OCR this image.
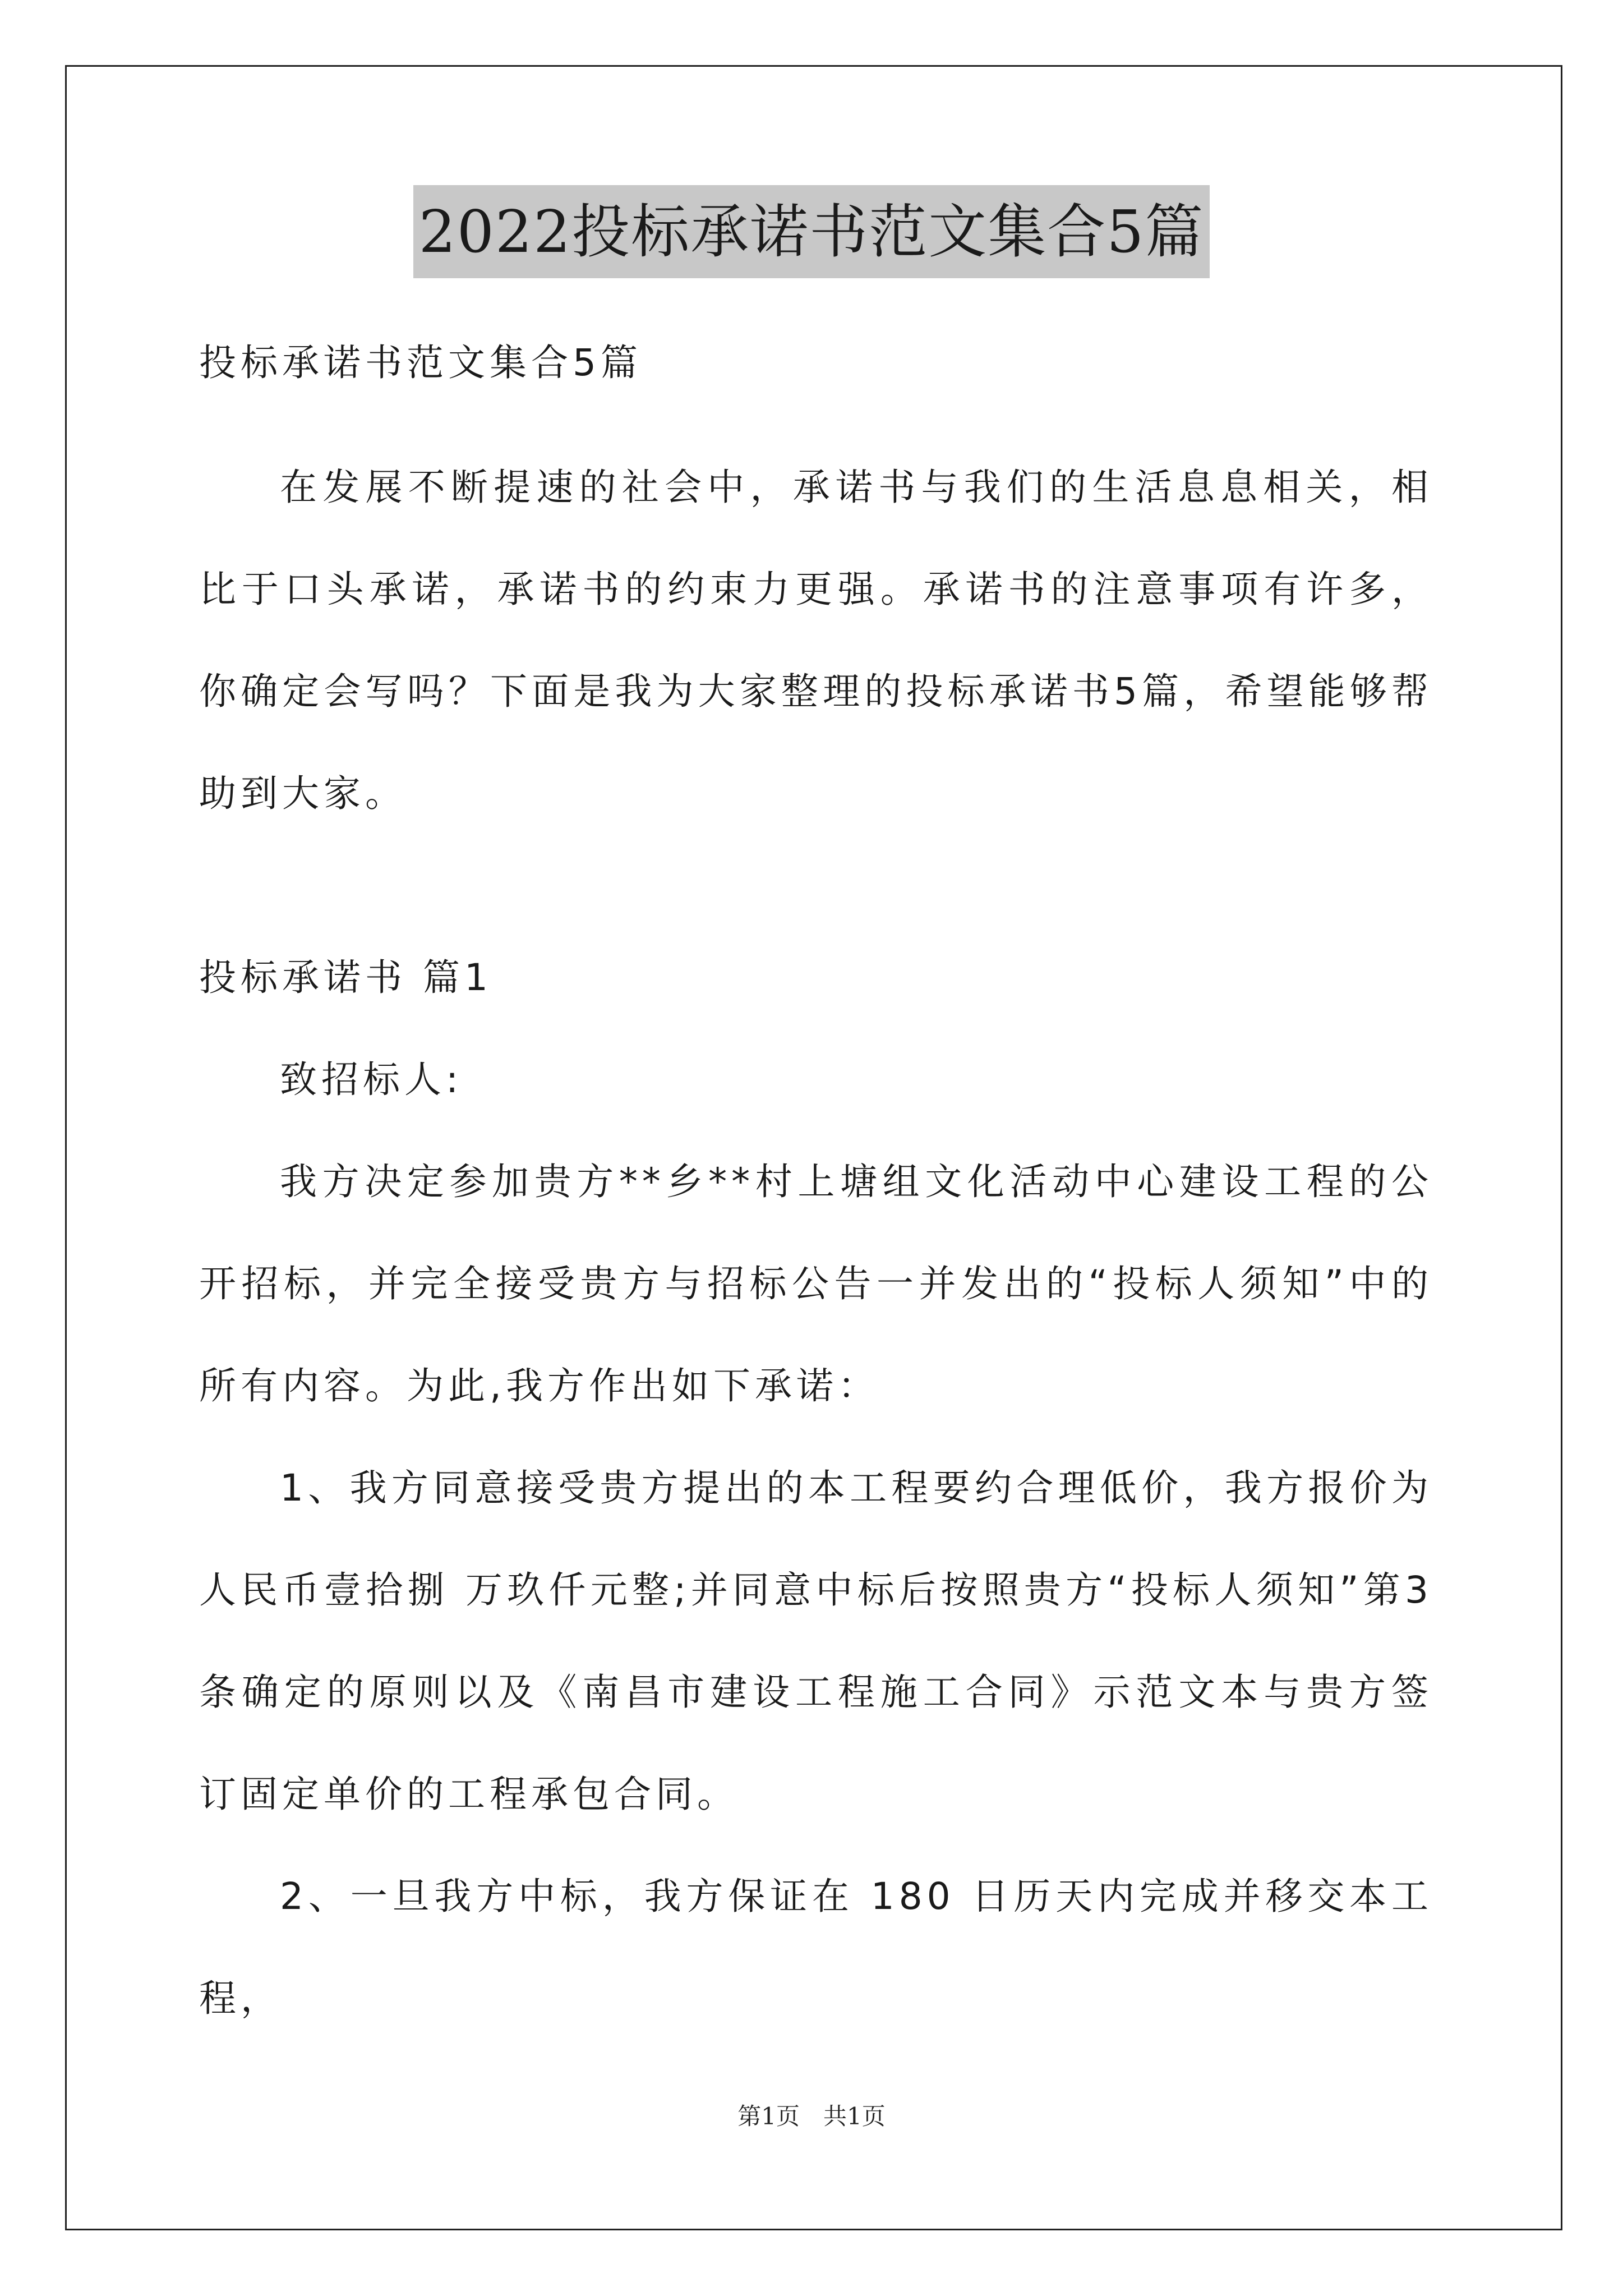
2022投标承诺书范文集合5篇

投标承诺书范文集合5篇

在发展不断提速的社会中，承诺书与我们的生活息息相关，相比于口头承诺，承诺书的约束力更强。承诺书的注意事项有许多，你确定会写吗？下面是我为大家整理的投标承诺书5篇，希望能够帮助到大家。

投标承诺书 篇1

致招标人:

我方决定参加贵方**乡**村上塘组文化活动中心建设工程的公开招标，并完全接受贵方与招标公告一并发出的“投标人须知”中的所有内容。为此,我方作出如下承诺：

1、我方同意接受贵方提出的本工程要约合理低价，我方报价为人民币壹拾捌 万玖仟元整;并同意中标后按照贵方“投标人须知”第3条确定的原则以及《南昌市建设工程施工合同》示范文本与贵方签订固定单价的工程承包合同。

2、一旦我方中标，我方保证在 180 日历天内完成并移交本工程，

第1页　共1页
